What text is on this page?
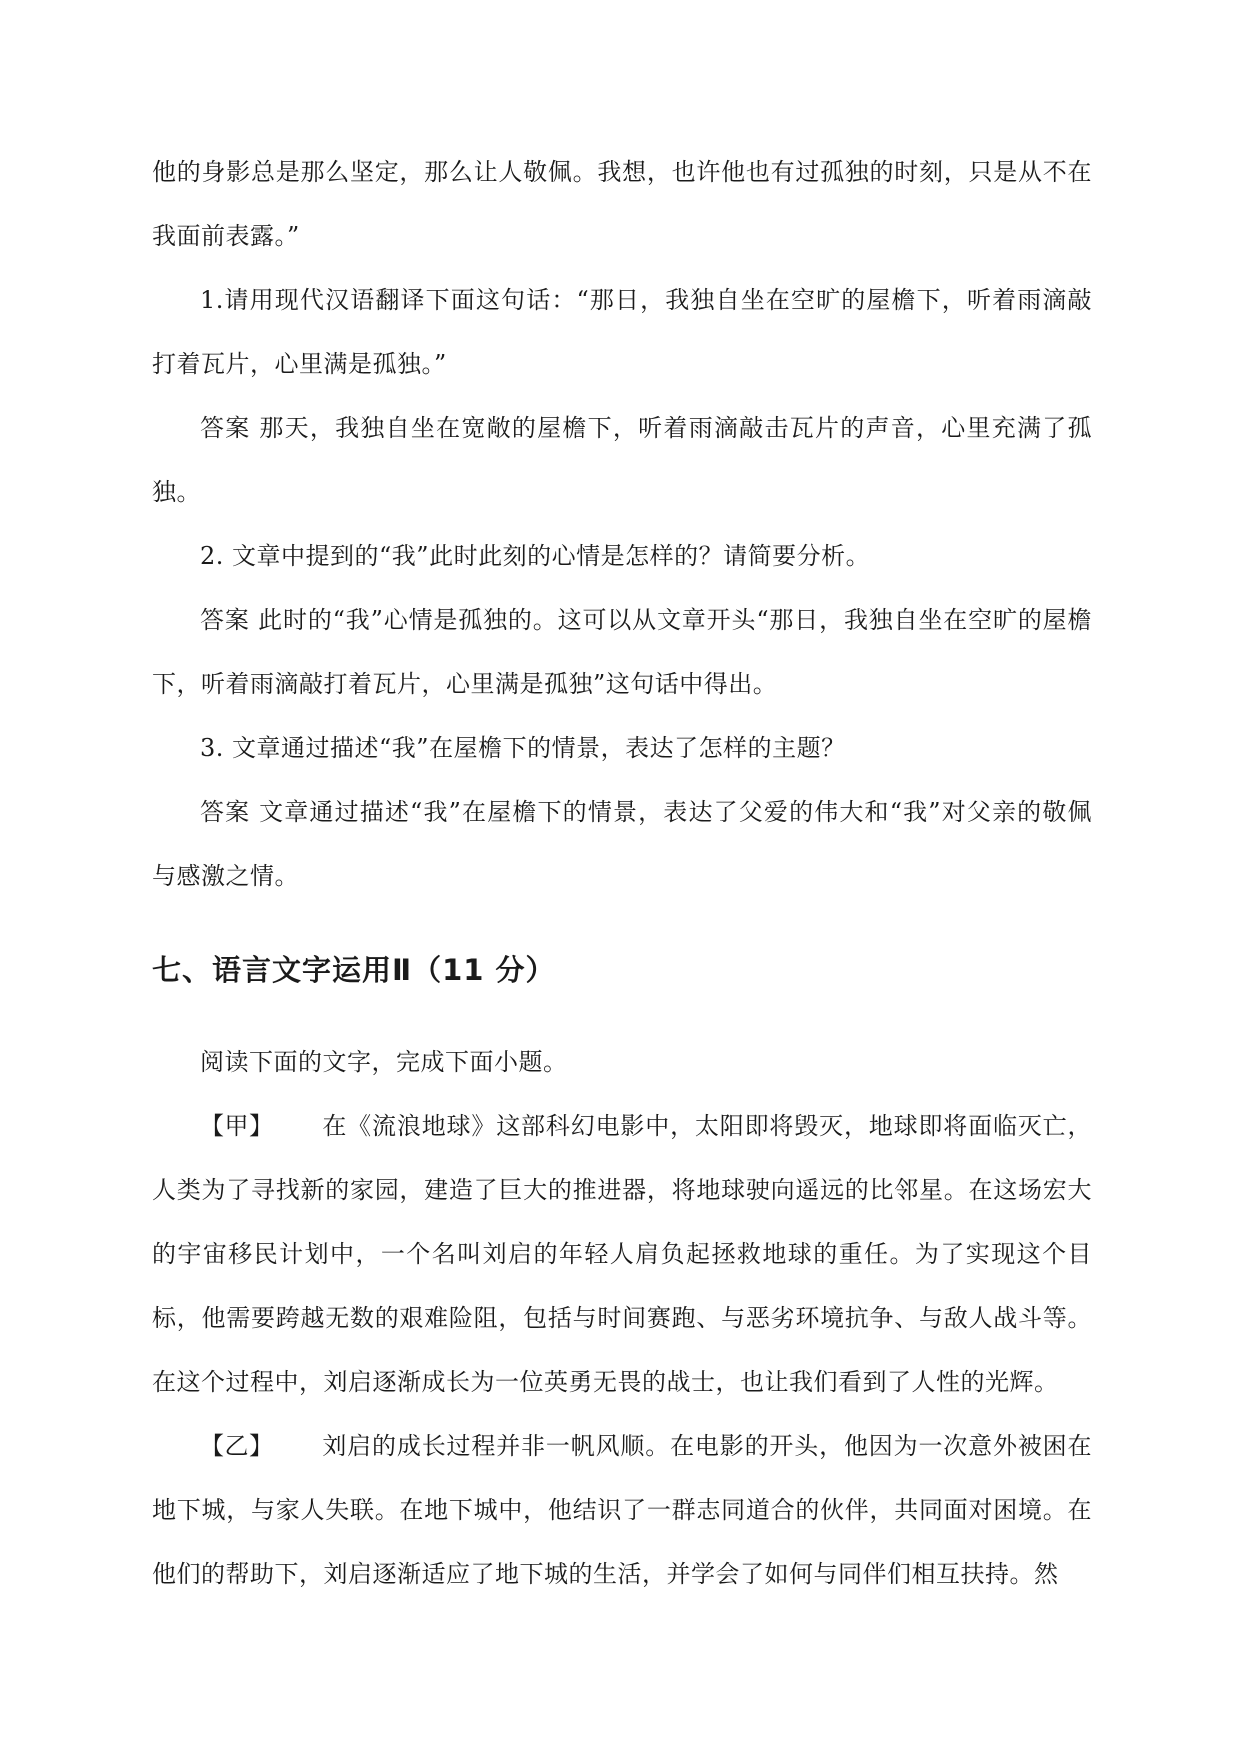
他的身影总是那么坚定，那么让人敬佩。我想，也许他也有过孤独的时刻，只是从不在我面前表露。”

1.请用现代汉语翻译下面这句话：“那日，我独自坐在空旷的屋檐下，听着雨滴敲打着瓦片，心里满是孤独。”

答案 那天，我独自坐在宽敞的屋檐下，听着雨滴敲击瓦片的声音，心里充满了孤独。

2. 文章中提到的“我”此时此刻的心情是怎样的？请简要分析。

答案 此时的“我”心情是孤独的。这可以从文章开头“那日，我独自坐在空旷的屋檐下，听着雨滴敲打着瓦片，心里满是孤独”这句话中得出。

3. 文章通过描述“我”在屋檐下的情景，表达了怎样的主题？

答案 文章通过描述“我”在屋檐下的情景，表达了父爱的伟大和“我”对父亲的敬佩与感激之情。

七、语言文字运用Ⅱ（11 分）

阅读下面的文字，完成下面小题。

【甲】 在《流浪地球》这部科幻电影中，太阳即将毁灭，地球即将面临灭亡，人类为了寻找新的家园，建造了巨大的推进器，将地球驶向遥远的比邻星。在这场宏大的宇宙移民计划中，一个名叫刘启的年轻人肩负起拯救地球的重任。为了实现这个目标，他需要跨越无数的艰难险阻，包括与时间赛跑、与恶劣环境抗争、与敌人战斗等。在这个过程中，刘启逐渐成长为一位英勇无畏的战士，也让我们看到了人性的光辉。

【乙】 刘启的成长过程并非一帆风顺。在电影的开头，他因为一次意外被困在地下城，与家人失联。在地下城中，他结识了一群志同道合的伙伴，共同面对困境。在他们的帮助下，刘启逐渐适应了地下城的生活，并学会了如何与同伴们相互扶持。然
